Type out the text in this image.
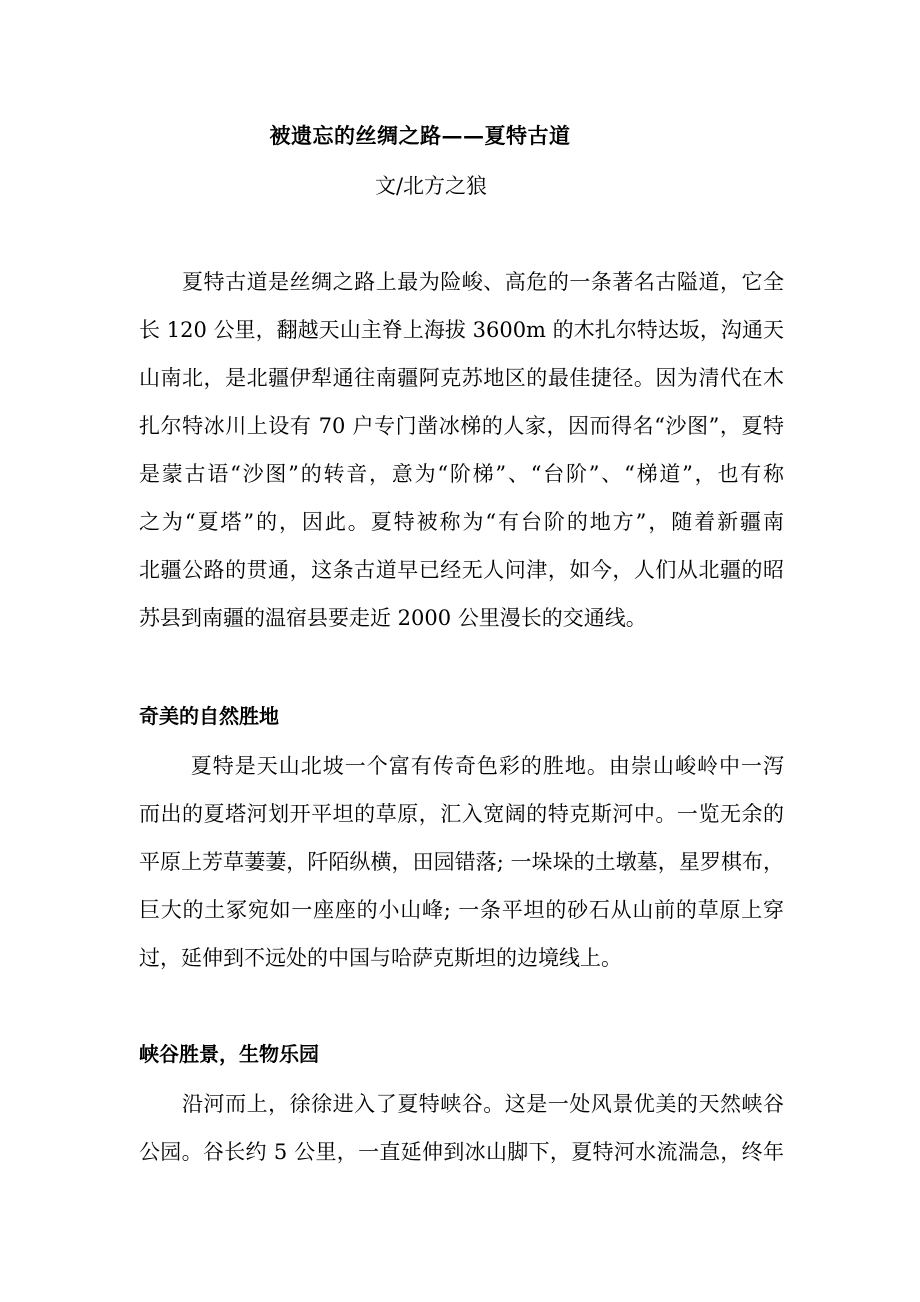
被遗忘的丝绸之路——夏特古道
文/北方之狼
　　夏特古道是丝绸之路上最为险峻、高危的一条著名古隘道，它全
长 120 公里，翻越天山主脊上海拔 3600m 的木扎尔特达坂，沟通天
山南北，是北疆伊犁通往南疆阿克苏地区的最佳捷径。因为清代在木
扎尔特冰川上设有 70 户专门凿冰梯的人家，因而得名“沙图”，夏特
是蒙古语“沙图”的转音，意为“阶梯”、“台阶”、“梯道”，也有称
之为“夏塔”的，因此。夏特被称为“有台阶的地方”，随着新疆南
北疆公路的贯通，这条古道早已经无人问津，如今，人们从北疆的昭
苏县到南疆的温宿县要走近 2000 公里漫长的交通线。
奇美的自然胜地
　　 夏特是天山北坡一个富有传奇色彩的胜地。由崇山峻岭中一泻
而出的夏塔河划开平坦的草原，汇入宽阔的特克斯河中。一览无余的
平原上芳草萋萋，阡陌纵横，田园错落; 一垛垛的土墩墓，星罗棋布，
巨大的土冢宛如一座座的小山峰; 一条平坦的砂石从山前的草原上穿
过，延伸到不远处的中国与哈萨克斯坦的边境线上。
峡谷胜景，生物乐园
　　沿河而上，徐徐进入了夏特峡谷。这是一处风景优美的天然峡谷
公园。谷长约 5 公里，一直延伸到冰山脚下，夏特河水流湍急，终年
